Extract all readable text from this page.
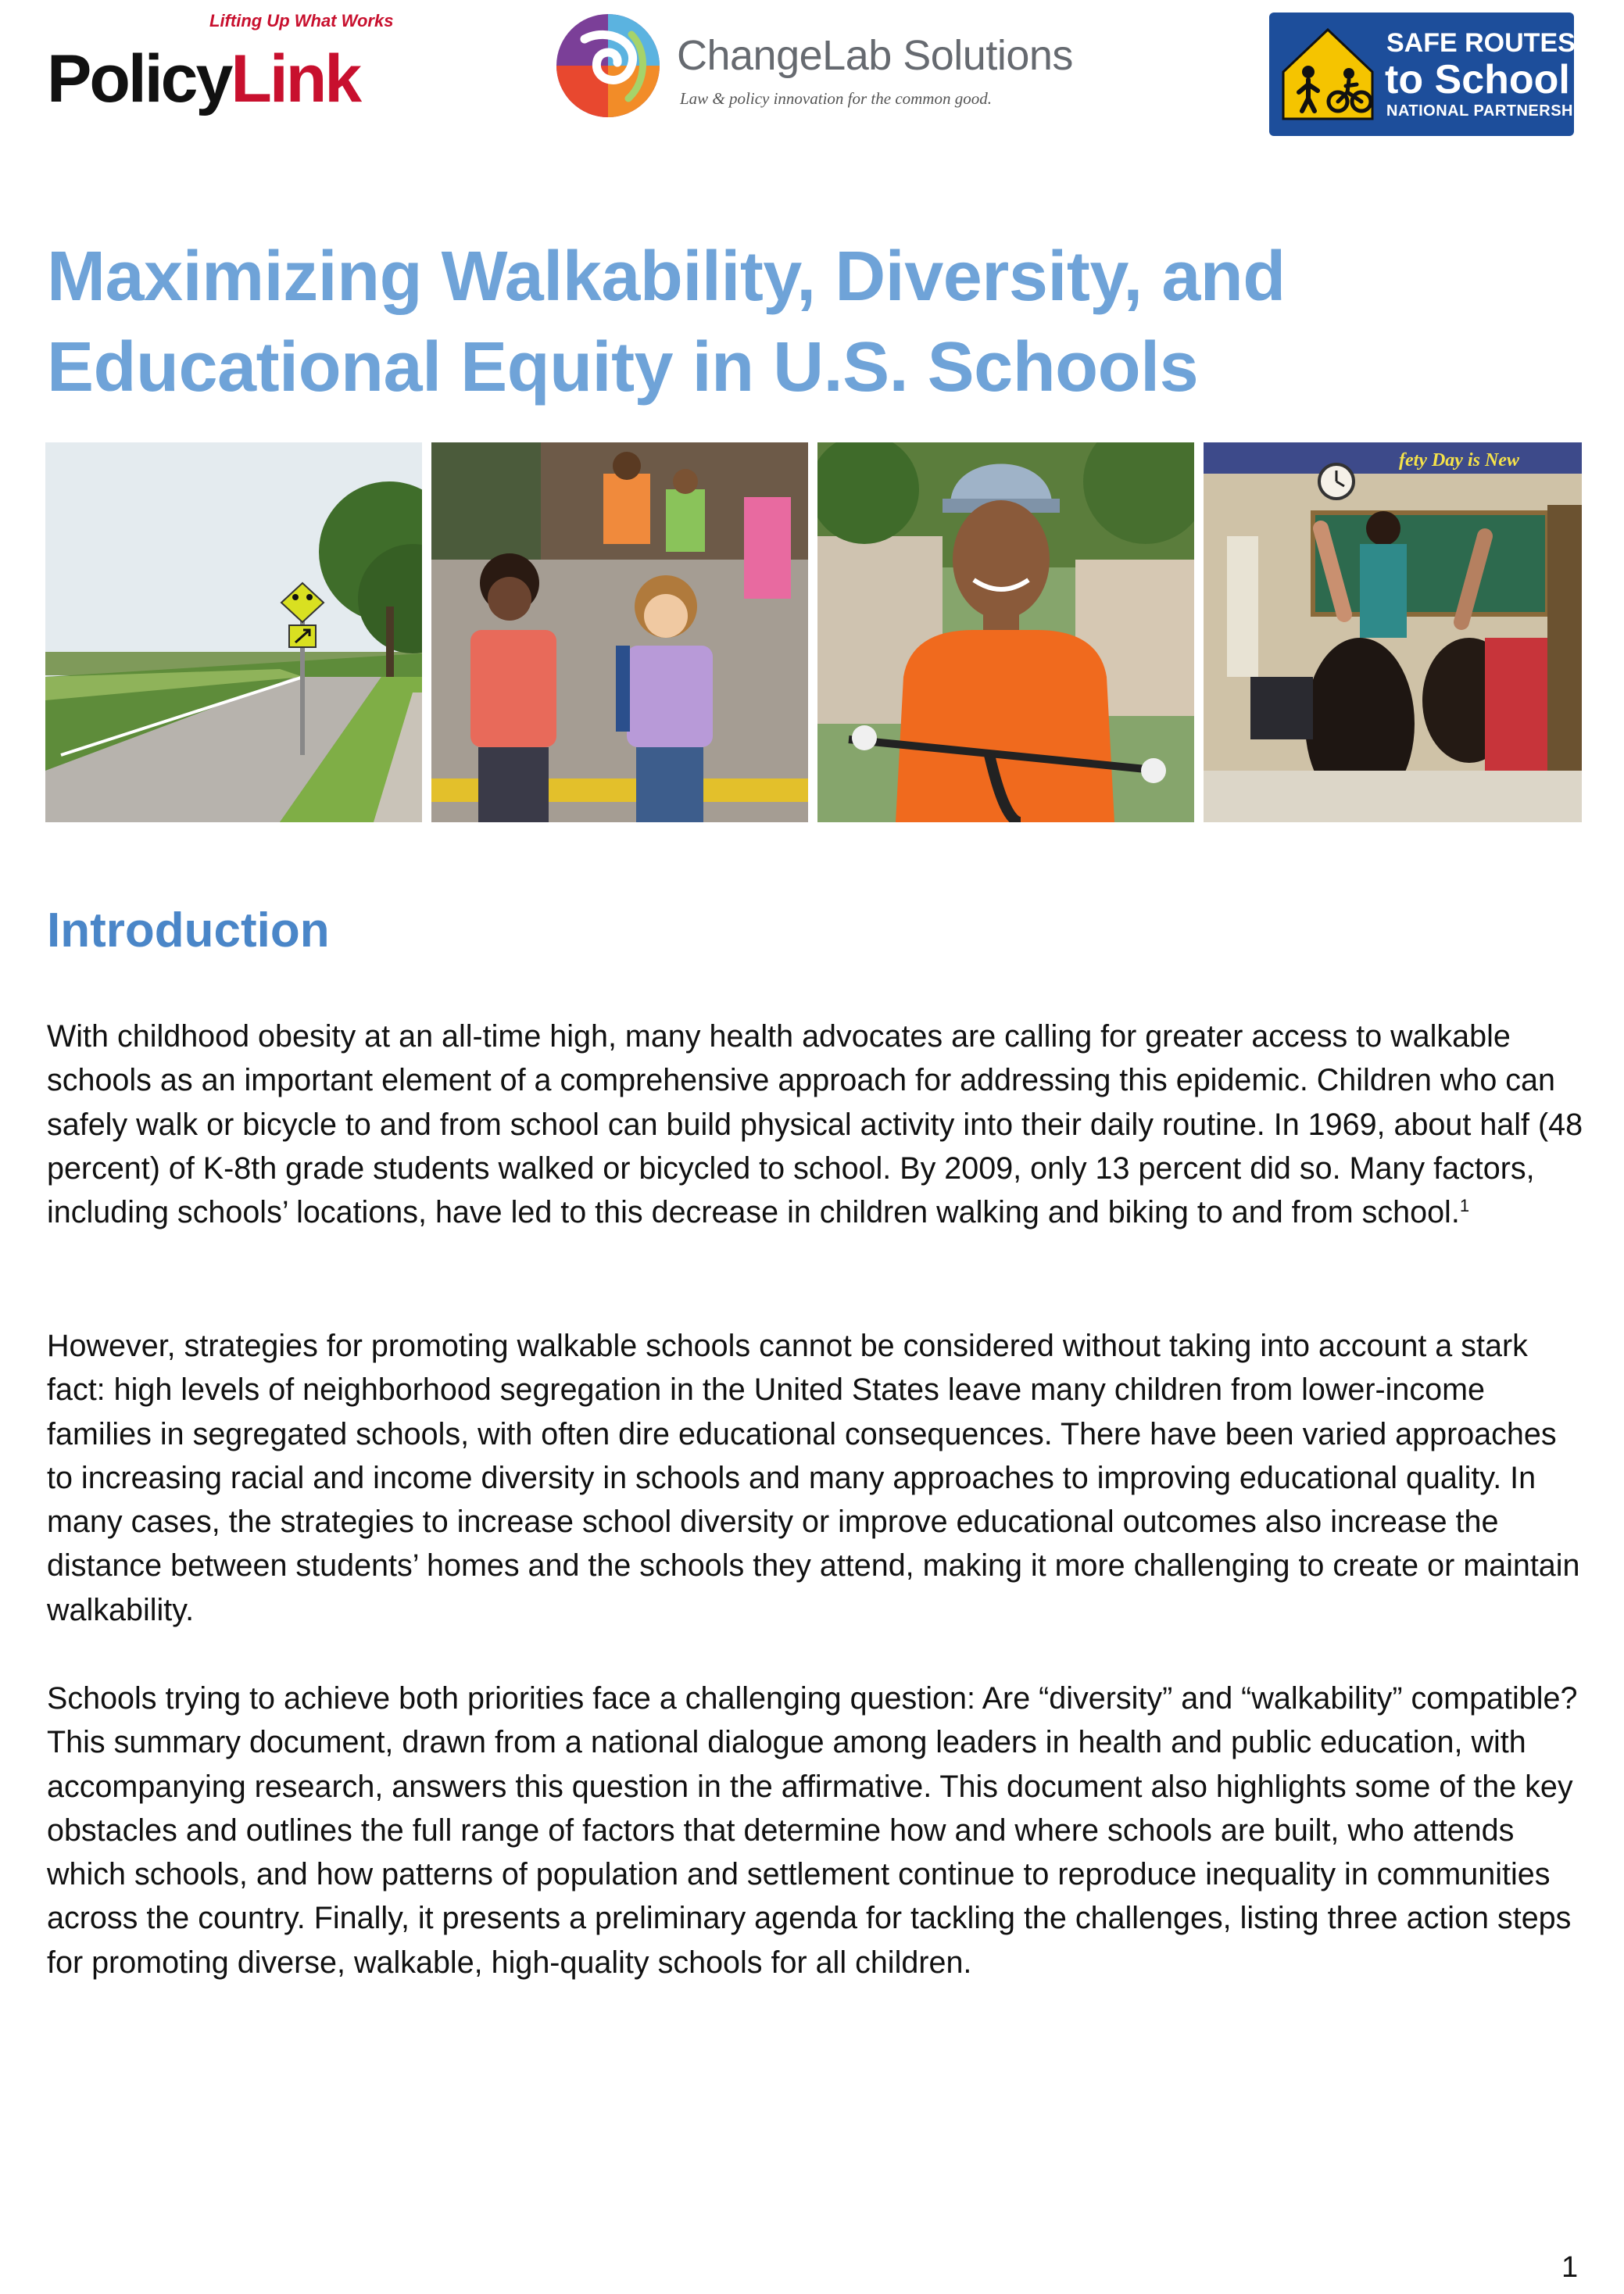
Lifting Up What Works
PolicyLink	ChangeLab Solutions
Law & policy innovation for the common good.
SAFE ROUTES
to School
NATIONAL PARTNERSHIP
Maximizing Walkability, Diversity, and Educational Equity in U.S. Schools
fety Day is New
Introduction

With childhood obesity at an all-time high, many health advocates are calling for greater access to walkable schools as an important element of a comprehensive approach for addressing this epidemic. Children who can safely walk or bicycle to and from school can build physical activity into their daily routine. In 1969, about half (48 percent) of K-8th grade students walked or bicycled to school. By 2009, only 13 percent did so. Many factors, including schools’ locations, have led to this decrease in children walking and biking to and from school.$^1$

However, strategies for promoting walkable schools cannot be considered without taking into account a stark fact: high levels of neighborhood segregation in the United States leave many children from lower-income families in segregated schools, with often dire educational consequences. There have been varied approaches to increasing racial and income diversity in schools and many approaches to improving educational quality. In many cases, the strategies to increase school diversity or improve educational outcomes also increase the distance between students’ homes and the schools they attend, making it more challenging to create or maintain walkability.

Schools trying to achieve both priorities face a challenging question: Are “diversity” and “walkability” compatible? This summary document, drawn from a national dialogue among leaders in health and public education, with accompanying research, answers this question in the affirmative. This document also highlights some of the key obstacles and outlines the full range of factors that determine how and where schools are built, who attends which schools, and how patterns of population and settlement continue to reproduce inequality in communities across the country. Finally, it presents a preliminary agenda for tackling the challenges, listing three action steps for promoting diverse, walkable, high-quality schools for all children.

1
